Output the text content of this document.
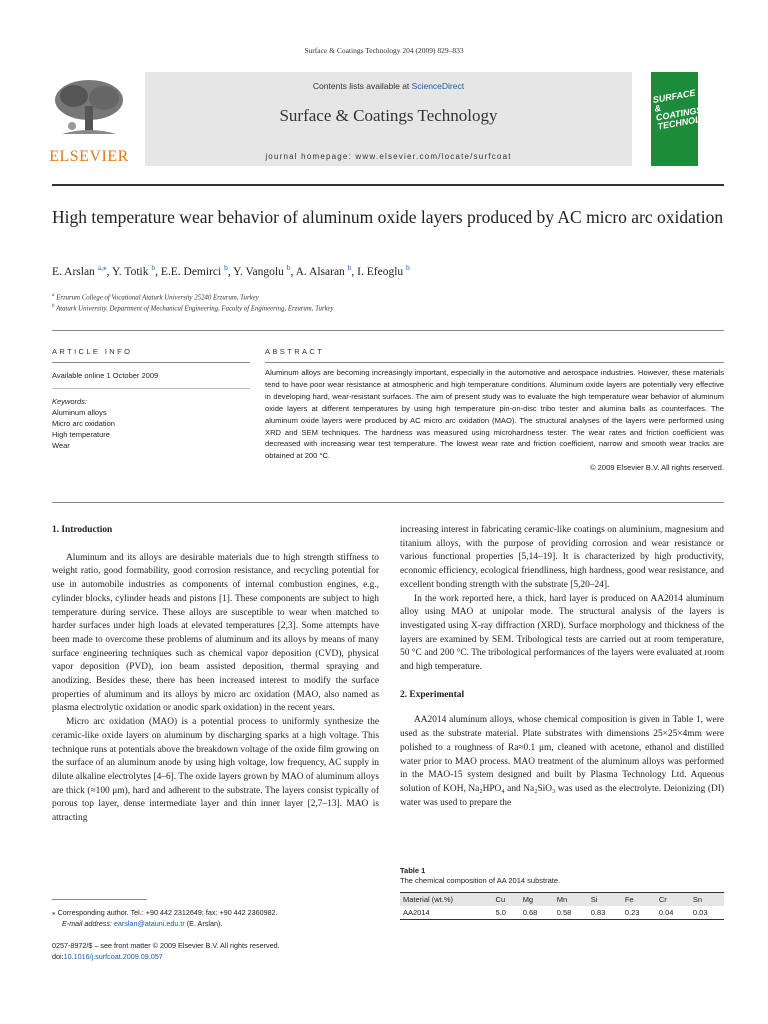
Surface & Coatings Technology 204 (2009) 829–833
ELSEVIER
Contents lists available at ScienceDirect
Surface & Coatings Technology
journal homepage: www.elsevier.com/locate/surfcoat
SURFACE & COATINGS TECHNOLOGY
High temperature wear behavior of aluminum oxide layers produced by AC micro arc oxidation
E. Arslan $^{a,⁎}$, Y. Totik $^b$, E.E. Demirci $^b$, Y. Vangolu $^b$, A. Alsaran $^b$, I. Efeoglu $^b$
$^a$ Erzurum College of Vocational Ataturk University 25240 Erzurum, Turkey
$^b$ Ataturk University, Department of Mechanical Engineering, Faculty of Engineering, Erzurum, Turkey
ARTICLE INFO	ABSTRACT
Available online 1 October 2009
Keywords:
Aluminum alloys
Micro arc oxidation
High temperature
Wear
Aluminum alloys are becoming increasingly important, especially in the automotive and aerospace industries. However, these materials tend to have poor wear resistance at atmospheric and high temperature conditions. Aluminum oxide layers are potentially very effective in developing hard, wear-resistant surfaces. The aim of present study was to evaluate the high temperature wear behavior of aluminum oxide layers at different temperatures by using high temperature pin-on-disc tribo tester and alumina balls as counterfaces. The aluminum oxide layers were produced by AC micro arc oxidation (MAO). The structural analyses of the layers were performed using XRD and SEM techniques. The hardness was measured using microhardness tester. The wear rates and friction coefficient was decreased with increasing wear test temperature. The lowest wear rate and friction coefficient, narrow and smooth wear tracks are obtained at 200 °C.
© 2009 Elsevier B.V. All rights reserved.

1. Introduction

Aluminum and its alloys are desirable materials due to high strength stiffness to weight ratio, good formability, good corrosion resistance, and recycling potential for use in automobile industries as components of internal combustion engines, e.g., cylinder blocks, cylinder heads and pistons [1]. These components are subject to high temperature during service. These alloys are susceptible to wear when matched to harder surfaces under high loads at elevated temperatures [2,3]. Some attempts have been made to overcome these problems of aluminum and its alloys by means of many surface engineering techniques such as chemical vapor deposition (CVD), physical vapor deposition (PVD), ion beam assisted deposition, thermal spraying and anodizing. Besides these, there has been increased interest to modify the surface properties of aluminum and its alloys by micro arc oxidation (MAO, also named as plasma electrolytic oxidation or anodic spark oxidation) in the recent years.

Micro arc oxidation (MAO) is a potential process to uniformly synthesize the ceramic-like oxide layers on aluminum by discharging sparks at a high voltage. This technique runs at potentials above the breakdown voltage of the oxide film growing on the surface of an aluminum anode by using high voltage, low frequency, AC supply in dilute alkaline electrolytes [4–6]. The oxide layers grown by MAO of aluminum alloys are thick (≈100 μm), hard and adherent to the substrate. The layers consist typically of porous top layer, dense intermediate layer and thin inner layer [2,7–13]. MAO is attracting

increasing interest in fabricating ceramic-like coatings on aluminium, magnesium and titanium alloys, with the purpose of providing corrosion and wear resistance or various functional properties [5,14–19]. It is characterized by high productivity, economic efficiency, ecological friendliness, high hardness, good wear resistance, and excellent bonding strength with the substrate [5,20–24].

In the work reported here, a thick, hard layer is produced on AA2014 aluminum alloy using MAO at unipolar mode. The structural analysis of the layers is investigated using X-ray diffraction (XRD). Surface morphology and thickness of the layers are examined by SEM. Tribological tests are carried out at room temperature, 50 °C and 200 °C. The tribological performances of the layers were evaluated at room and high temperature.

2. Experimental

AA2014 aluminum alloys, whose chemical composition is given in Table 1, were used as the substrate material. Plate substrates with dimensions 25×25×4mm were polished to a roughness of Ra≈0.1 μm, cleaned with acetone, ethanol and distilled water prior to MAO process. MAO treatment of the aluminum alloys was performed in the MAO-15 system designed and built by Plasma Technology Ltd. Aqueous solution of KOH, Na₂HPO₄ and Na₂SiO₃ was used as the electrolyte. Deionizing (DI) water was used to prepare the

Table 1
The chemical composition of AA 2014 substrate.
Material (wt.%)	Cu	Mg	Mn	Si	Fe	Cr	Sn
AA2014	5.0	0.68	0.58	0.83	0.23	0.04	0.03
⁎ Corresponding author. Tel.: +90 442 2312649; fax: +90 442 2360982.
E-mail address: earslan@atauni.edu.tr (E. Arslan).
0257-8972/$ – see front matter © 2009 Elsevier B.V. All rights reserved.
doi:10.1016/j.surfcoat.2009.09.057
